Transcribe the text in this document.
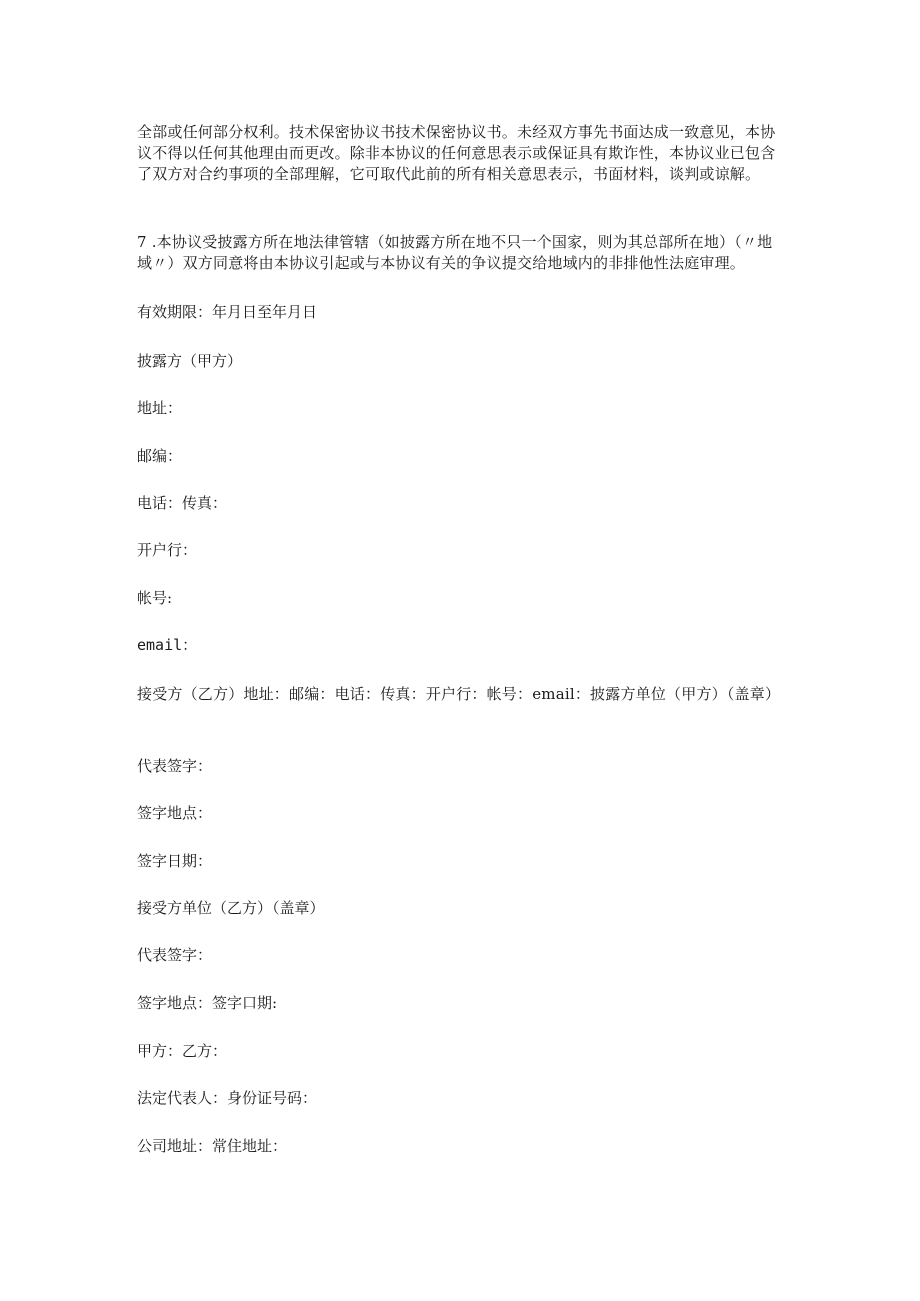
全部或任何部分权利。技术保密协议书技术保密协议书。未经双方事先书面达成一致意见，本协议不得以任何其他理由而更改。除非本协议的任何意思表示或保证具有欺诈性，本协议业已包含了双方对合约事项的全部理解，它可取代此前的所有相关意思表示，书面材料，谈判或谅解。

7 .本协议受披露方所在地法律管辖（如披露方所在地不只一个国家，则为其总部所在地）（〃地域〃）双方同意将由本协议引起或与本协议有关的争议提交给地域内的非排他性法庭审理。

有效期限：年月日至年月日

披露方（甲方）

地址：

邮编：

电话：传真：

开户行：

帐号:

email：

接受方（乙方）地址：邮编：电话：传真：开户行：帐号：email：披露方单位（甲方）（盖章）

代表签字：

签字地点：

签字日期：

接受方单位（乙方）（盖章）

代表签字：

签字地点：签字口期:

甲方：乙方：

法定代表人：身份证号码：

公司地址：常住地址：
